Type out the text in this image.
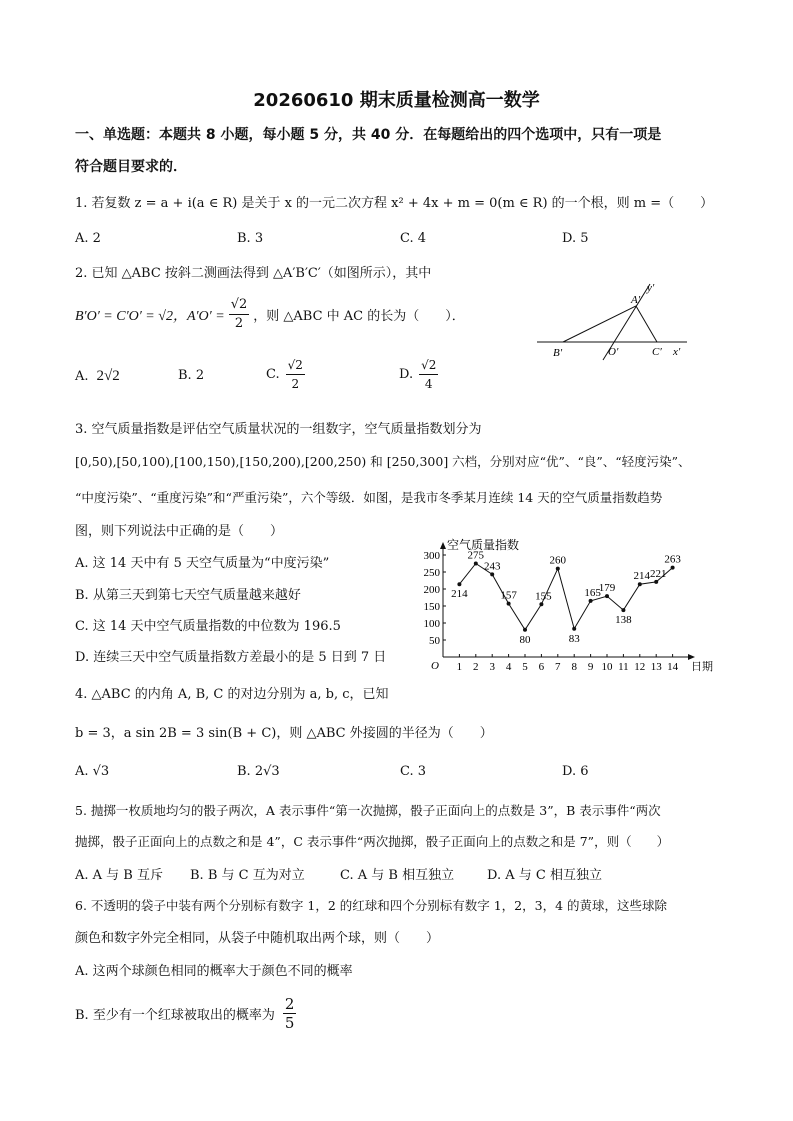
20260610 期末质量检测高一数学
一、单选题：本题共 8 小题，每小题 5 分，共 40 分．在每题给出的四个选项中，只有一项是
符合题目要求的．
1. 若复数 z = a + i(a ∈ R) 是关于 x 的一元二次方程 x² + 4x + m = 0(m ∈ R) 的一个根，则 m =（　　）
A. 2	B. 3	C. 4	D. 5
2. 已知 △ABC 按斜二测画法得到 △A′B′C′（如图所示），其中
B′O′ = C′O′ = √2，$A'O' = \frac{√2}{2}$ ，则 △ABC 中 AC 的长为（　　）．
y′
A′
B′	O′	C′ x′
A. 2√2	B. 2	C. $\frac{√2}{2}$	D. $\frac{√2}{4}$
3. 空气质量指数是评估空气质量状况的一组数字，空气质量指数划分为
[0,50),[50,100),[100,150),[150,200),[200,250) 和 [250,300] 六档，分别对应“优”、“良”、“轻度污染”、
“中度污染”、“重度污染”和“严重污染”，六个等级．如图，是我市冬季某月连续 14 天的空气质量指数趋势
图，则下列说法中正确的是（　　）
A. 这 14 天中有 5 天空气质量为“中度污染”
B. 从第三天到第七天空气质量越来越好
C. 这 14 天中空气质量指数的中位数为 196.5
D. 连续三天中空气质量指数方差最小的是 5 日到 7 日
空气质量指数
O	日期
50
100
150
200
250
300
1 2 3 4 5 6 7 8 9 10 11 12 13 14
214
275
243
157
80
155
260
83
165
179
138
214 221
263
4. △ABC 的内角 A, B, C 的对边分别为 a, b, c，已知
b = 3，a sin 2B = 3 sin(B + C)，则 △ABC 外接圆的半径为（　　）
A. √3	B. 2√3	C. 3	D. 6
5. 抛掷一枚质地均匀的骰子两次，A 表示事件“第一次抛掷，骰子正面向上的点数是 3”，B 表示事件“两次
抛掷，骰子正面向上的点数之和是 4”，C 表示事件“两次抛掷，骰子正面向上的点数之和是 7”，则（　　）
A. A 与 B 互斥 B. B 与 C 互为对立	C. A 与 B 相互独立	D. A 与 C 相互独立
6. 不透明的袋子中装有两个分别标有数字 1，2 的红球和四个分别标有数字 1，2，3，4 的黄球，这些球除
颜色和数字外完全相同，从袋子中随机取出两个球，则（　　）
A. 这两个球颜色相同的概率大于颜色不同的概率
B. 至少有一个红球被取出的概率为 $\frac{2}{5}$
